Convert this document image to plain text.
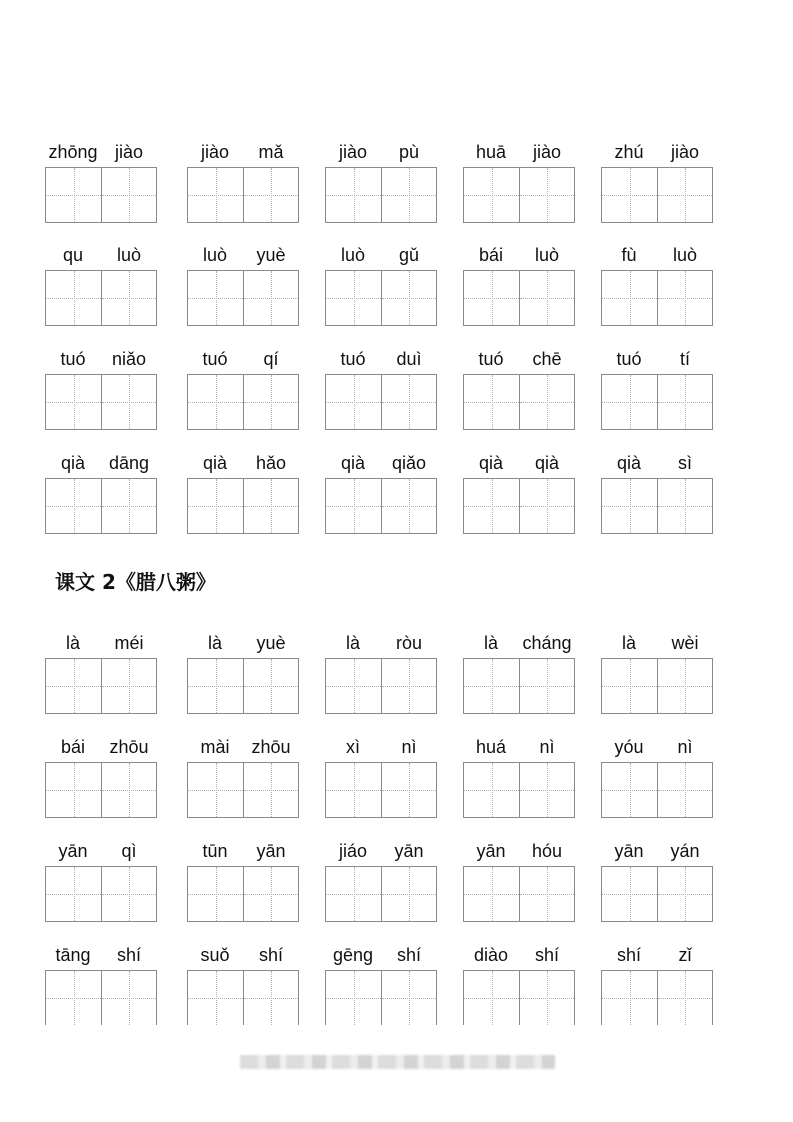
zhōng jiào	jiào	mǎ	jiào	pù	huā	jiào	zhú	jiào
qu	luò	luò	yuè	luò	gǔ	bái	luò	fù	luò
tuó	niǎo	tuó	qí	tuó	duì	tuó	chē	tuó	tí
qià	dāng	qià	hǎo	qià	qiǎo	qià	qià	qià	sì
là	méi	là	yuè	là	ròu	là	cháng	là	wèi
bái	zhōu	mài	zhōu	xì	nì	huá	nì	yóu	nì
yān	qì	tūn	yān	jiáo	yān	yān	hóu	yān	yán
tāng	shí	suǒ	shí	gēng	shí	diào	shí	shí	zǐ
课文 2《腊八粥》
